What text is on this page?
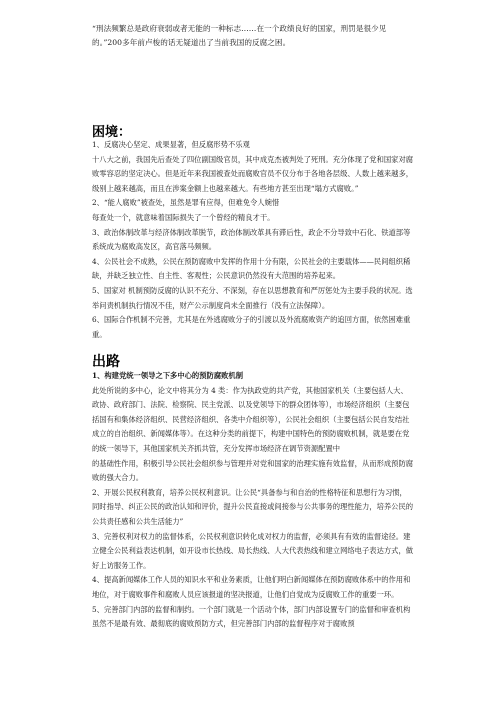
“刑法频繁总是政府衰弱或者无能的一种标志……在一个政绩良好的国家，刑罚是很少见的。”200多年前卢梭的话无疑道出了当前我国的反腐之困。
困境：

1、反腐决心坚定、成果显著，但反腐形势不乐观

十八大之前，我国先后查处了四位副国级官员，其中成克杰被判处了死刑。充分体现了党和国家对腐败零容忍的坚定决心。但是近年来我国被查处而腐败官员不仅分布于各地各层级、人数上越来越多，级别上越来越高，而且在涉案金额上也越来越大。有些地方甚至出现“塌方式腐败。”

2、“能人腐败”被查处，虽然是罪有应得，但难免令人婉惜

每查处一个，就意味着国际损失了一个曾经的精良才干。

3、政治体制改革与经济体制改革脱节，政治体制改革具有滞后性，政企不分导致中石化、铁道部等系统成为腐败高发区，高官落马频频。

4、公民社会不成熟，公民在预防腐败中发挥的作用十分有限，公民社会的主要载体——民间组织稀缺，并缺乏独立性、自主性、客观性；公民意识仍然没有大范围的培养起来。

5、国家对 机制预防反腐的认识不充分、不深刻，存在以思想教育和严厉惩处为主要手段的状况。选举问责机制执行情况不佳，财产公示制度尚未全面推行（没有立法保障）。

6、国际合作机制不完善，尤其是在外逃腐败分子的引渡以及外流腐败资产的追回方面，依然困难重重。

出路

1、构建党统一领导之下多中心的预防腐败机制

此处所说的多中心，论文中将其分为 4 类：作为执政党的共产党，其他国家机关（主要包括人大、政协、政府部门、法院、检察院、民主党派、以及党领导下的群众团体等），市场经济组织（主要包括国有和集体经济组织、民营经济组织、各类中介组织等），公民社会组织（主要包括公民自发结社成立的自治组织、新闻媒体等）。在这种分类的前提下，构建中国特色的预防腐败机制，就是要在党的统一领导下，其他国家机关齐抓共管，充分发挥市场经济在调节资源配置中

的基础性作用，积极引导公民社会组织参与管理并对党和国家的治理实施有效监督，从而形成预防腐败的强大合力。

2、开展公民权利教育，培养公民权利意识。让公民“具备参与和自治的性格特征和思想行为习惯，同时指导、纠正公民的政治认知和评价，提升公民直接或间接参与公共事务的理性能力，培养公民的公共责任感和公共生活能力”

3、完善权利对权力的监督体系，公民权利意识转化成对权力的监督，必须具有有效的监督途径。建立健全公民利益表达机制，如开设市长热线、局长热线、人大代表热线和建立网络电子表达方式，做好上访服务工作。

4、提高新闻媒体工作人员的知识水平和业务素质，让他们明白新闻媒体在预防腐败体系中的作用和地位，对于腐败事件和腐败人员应该报道的坚决报道，让他们自觉成为反腐败工作的重要一环。

5、完善部门内部的监督和制约。一个部门就是一个活动个体，部门内部设置专门的监督和审查机构虽然不是最有效、最彻底的腐败预防方式，但完善部门内部的监督程序对于腐败预
